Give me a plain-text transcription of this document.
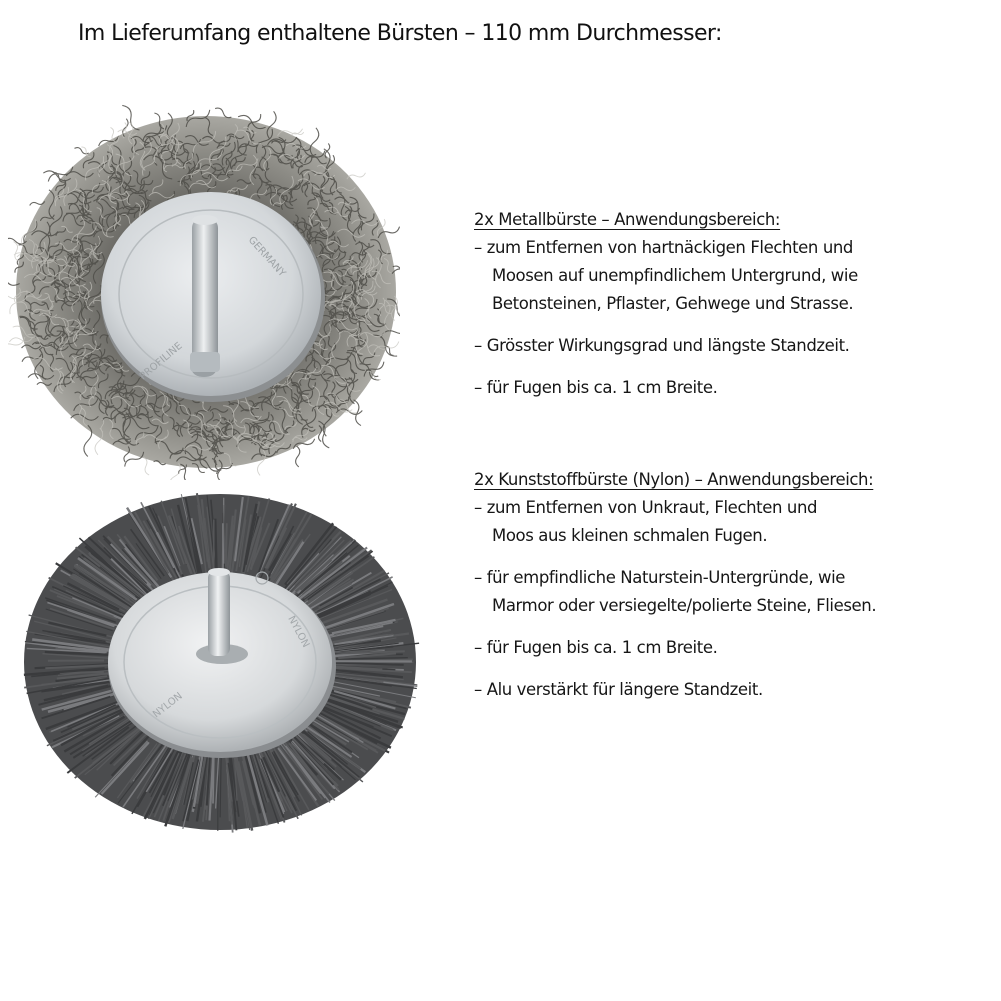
Im Lieferumfang enthaltene Bürsten – 110 mm Durchmesser:
GERMANY
PROFILINE
NYLON
NYLON
2x Metallbürste – Anwendungsbereich:
– zum Entfernen von hartnäckigen Flechten und
Moosen auf unempfindlichem Untergrund, wie
Betonsteinen, Pflaster, Gehwege und Strasse.
– Grösster Wirkungsgrad und längste Standzeit.
– für Fugen bis ca. 1 cm Breite.
2x Kunststoffbürste (Nylon) – Anwendungsbereich:
– zum Entfernen von Unkraut, Flechten und
Moos aus kleinen schmalen Fugen.
– für empfindliche Naturstein-Untergründe, wie
Marmor oder versiegelte/polierte Steine, Fliesen.
– für Fugen bis ca. 1 cm Breite.
– Alu verstärkt für längere Standzeit.
